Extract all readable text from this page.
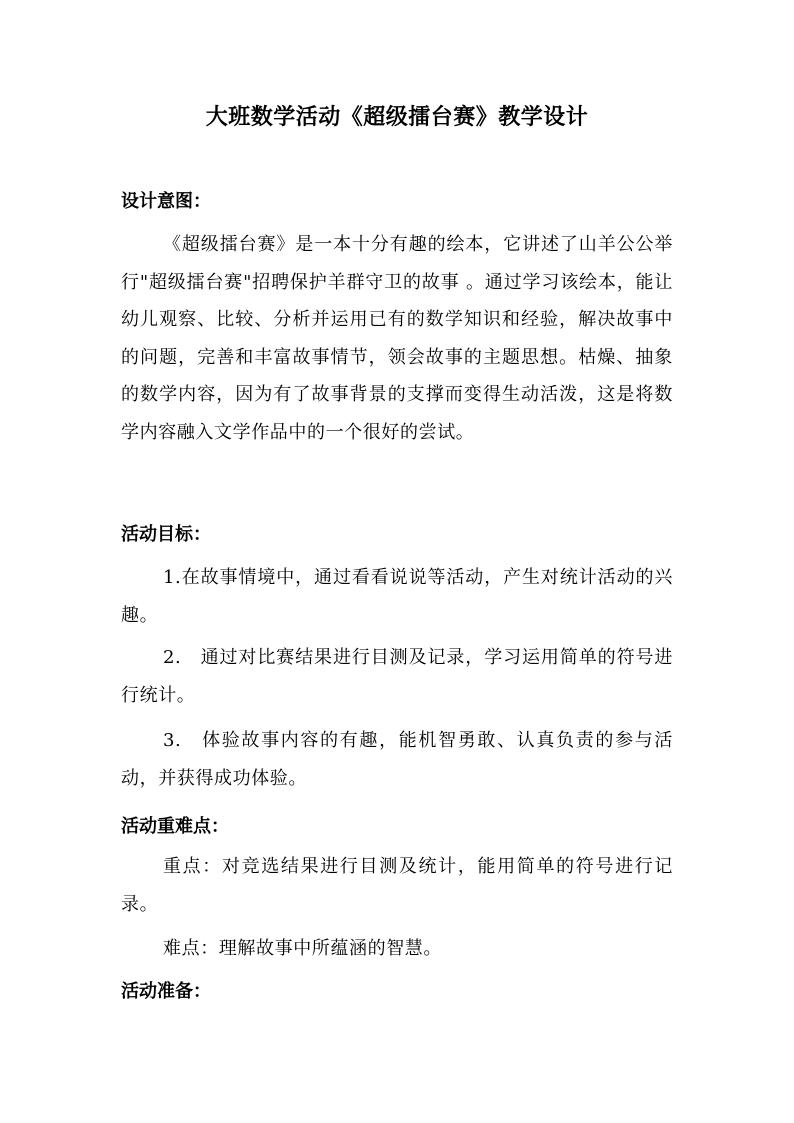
大班数学活动《超级擂台赛》教学设计
设计意图：
《超级擂台赛》是一本十分有趣的绘本，它讲述了山羊公公举行"超级擂台赛"招聘保护羊群守卫的故事 。通过学习该绘本，能让幼儿观察、比较、分析并运用已有的数学知识和经验，解决故事中的问题，完善和丰富故事情节，领会故事的主题思想。枯燥、抽象的数学内容，因为有了故事背景的支撑而变得生动活泼，这是将数学内容融入文学作品中的一个很好的尝试。
活动目标：
1.在故事情境中，通过看看说说等活动，产生对统计活动的兴趣。
2.　通过对比赛结果进行目测及记录，学习运用简单的符号进行统计。
3.　体验故事内容的有趣，能机智勇敢、认真负责的参与活动，并获得成功体验。
活动重难点：
重点：对竞选结果进行目测及统计，能用简单的符号进行记录。
难点：理解故事中所蕴涵的智慧。
活动准备：
